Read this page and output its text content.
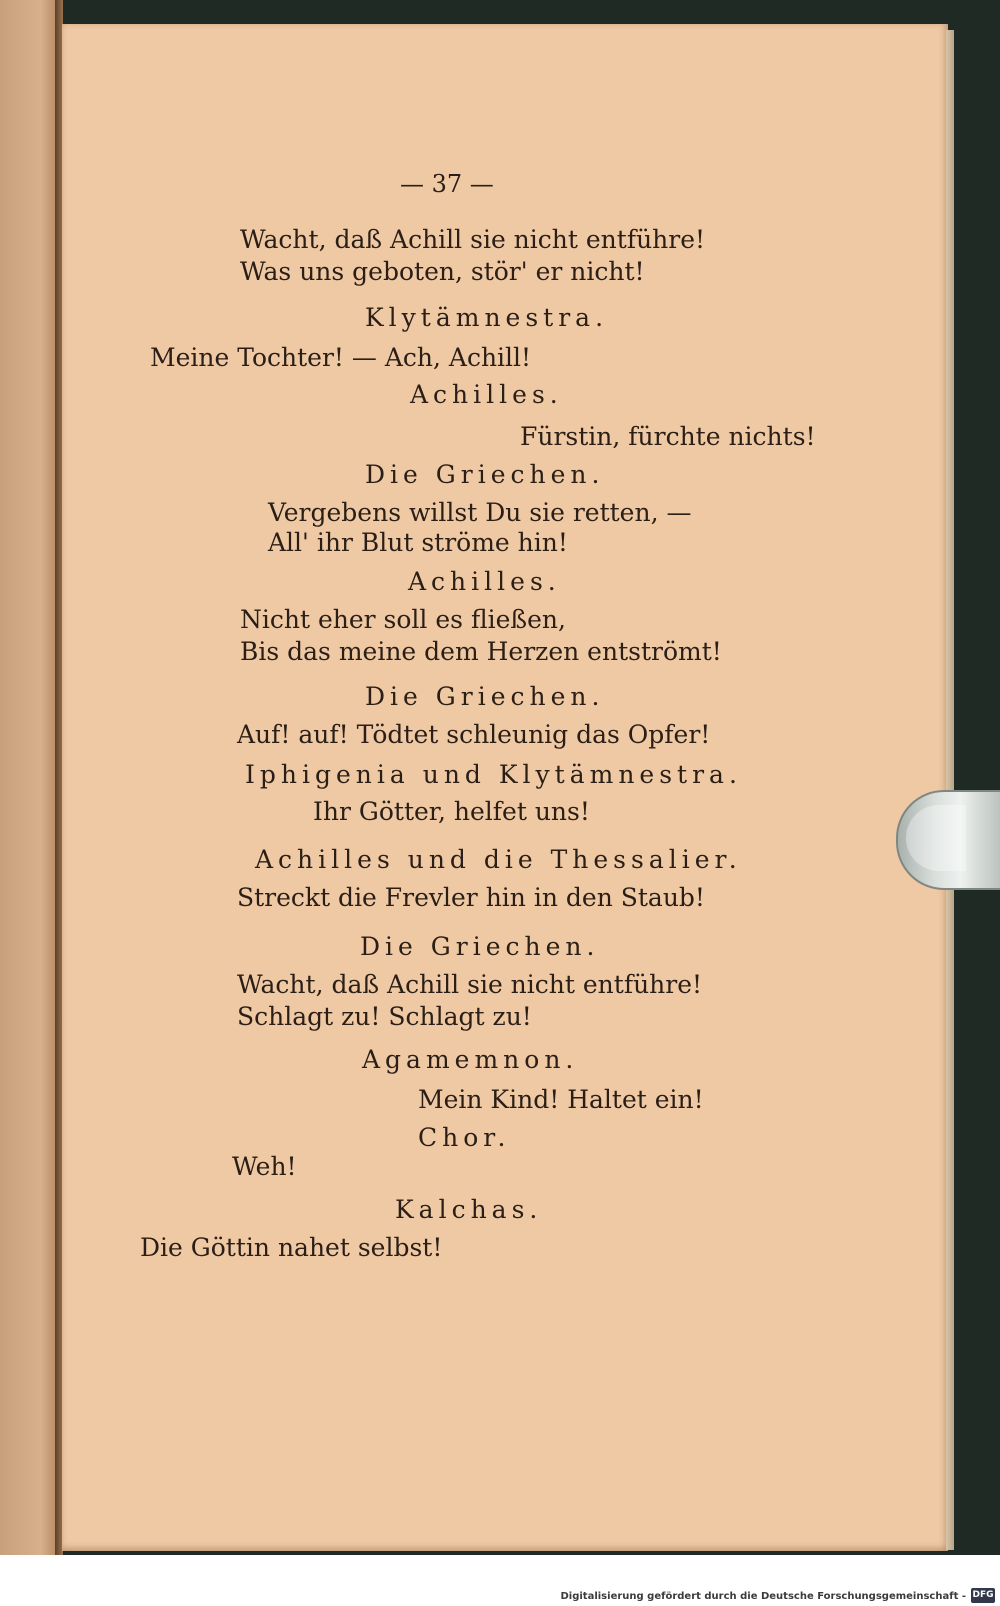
— 37 —
Wacht, daß Achill sie nicht entführe!
Was uns geboten, stör' er nicht!
Klytämnestra.
Meine Tochter! — Ach, Achill!
Achilles.
Fürstin, fürchte nichts!
Die Griechen.
Vergebens willst Du sie retten, —
All' ihr Blut ströme hin!
Achilles.
Nicht eher soll es fließen,
Bis das meine dem Herzen entströmt!
Die Griechen.
Auf! auf! Tödtet schleunig das Opfer!
Iphigenia und Klytämnestra.
Ihr Götter, helfet uns!
Achilles und die Thessalier.
Streckt die Frevler hin in den Staub!
Die Griechen.
Wacht, daß Achill sie nicht entführe!
Schlagt zu! Schlagt zu!
Agamemnon.
Mein Kind! Haltet ein!
Chor.
Weh!
Kalchas.
Die Göttin nahet selbst!
Digitalisierung gefördert durch die Deutsche Forschungsgemeinschaft - DFG
